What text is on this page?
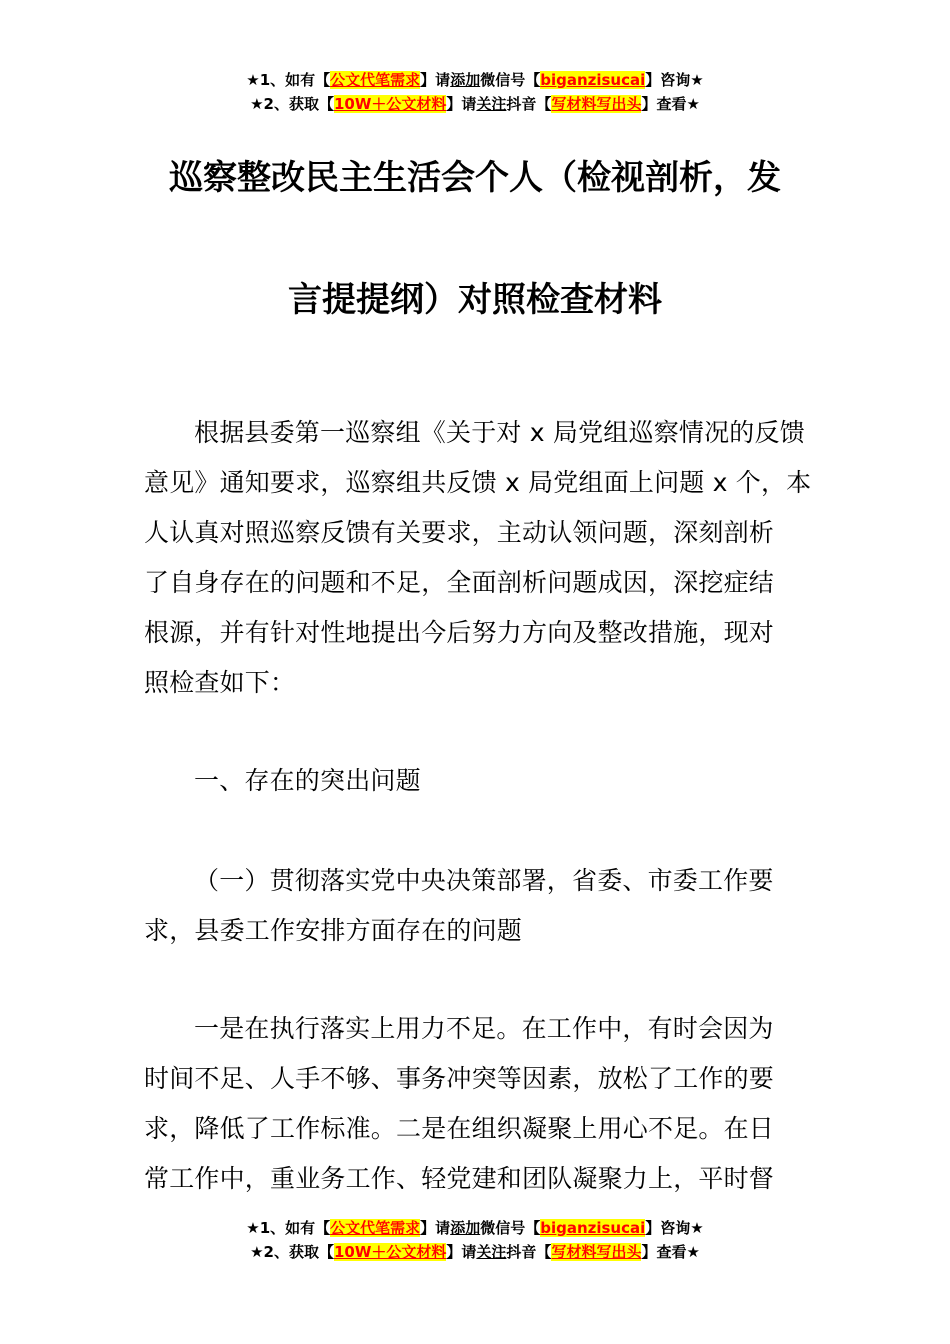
★1、如有【公文代笔需求】请添加微信号【biganzisucai】咨询★
★2、获取【10W＋公文材料】请关注抖音【写材料写出头】查看★
巡察整改民主生活会个人（检视剖析，发
言提提纲）对照检查材料
根据县委第一巡察组《关于对 x 局党组巡察情况的反馈
意见》通知要求，巡察组共反馈 x 局党组面上问题 x 个，本
人认真对照巡察反馈有关要求，主动认领问题，深刻剖析
了自身存在的问题和不足，全面剖析问题成因，深挖症结
根源，并有针对性地提出今后努力方向及整改措施，现对
照检查如下：
一、存在的突出问题
（一）贯彻落实党中央决策部署，省委、市委工作要
求，县委工作安排方面存在的问题
一是在执行落实上用力不足。在工作中，有时会因为
时间不足、人手不够、事务冲突等因素，放松了工作的要
求，降低了工作标准。二是在组织凝聚上用心不足。在日
常工作中，重业务工作、轻党建和团队凝聚力上，平时督
★1、如有【公文代笔需求】请添加微信号【biganzisucai】咨询★
★2、获取【10W＋公文材料】请关注抖音【写材料写出头】查看★
